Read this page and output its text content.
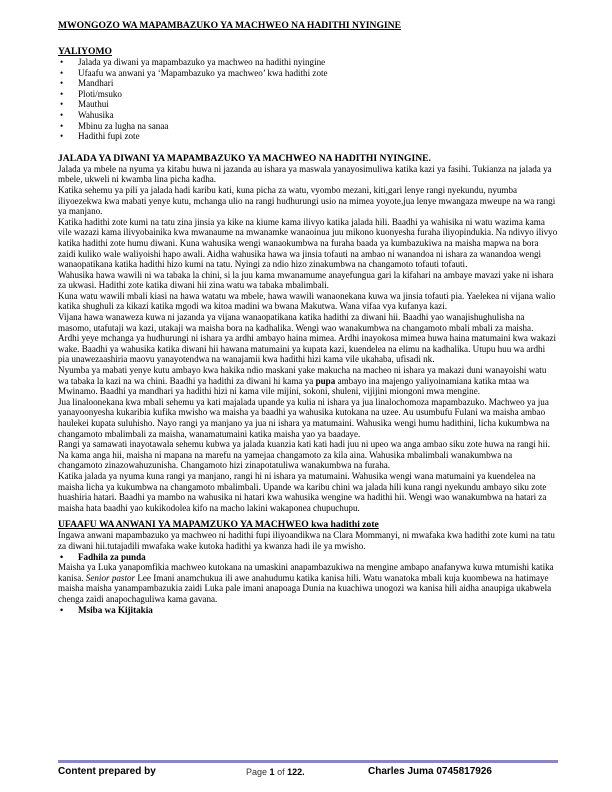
MWONGOZO WA MAPAMBAZUKO YA MACHWEO NA HADITHI NYINGINE
YALIYOMO
• Jalada ya diwani ya mapambazuko ya machweo na hadithi nyingine
• Ufaafu wa anwani ya ‘Mapambazuko ya machweo’ kwa hadithi zote
• Mandhari
• Ploti/msuko
• Mauthui
• Wahusika
• Mbinu za lugha na sanaa
• Hadithi fupi zote
JALADA YA DIWANI YA MAPAMBAZUKO YA MACHWEO NA HADITHI NYINGINE.

Jalada ya mbele na nyuma ya kitabu huwa ni jazanda au ishara ya maswala yanayosimuliwa katika kazi ya fasihi. Tukianza na jalada ya mbele, ukweli ni kwamba lina picha kadha.

Katika sehemu ya pili ya jalada hadi karibu kati, kuna picha za watu, vyombo mezani, kiti,gari lenye rangi nyekundu, nyumba iliyoezekwa kwa mabati yenye kutu, mchanga ulio na rangi hudhurungi usio na mimea yoyote,jua lenye mwangaza mweupe na wa rangi ya manjano.

Katika hadithi zote kumi na tatu zina jinsia ya kike na kiume kama ilivyo katika jalada hili. Baadhi ya wahisika ni watu wazima kama vile wazazi kama ilivyobainika kwa mwanaume na mwanamke wanaoinua juu mikono kuonyesha furaha iliyopindukia. Na ndivyo ilivyo katika hadithi zote humu diwani. Kuna wahusika wengi wanaokumbwa na furaha baada ya kumbazukiwa na maisha mapwa na bora zaidi kuliko wale waliyoishi hapo awali. Aidha wahusika hawa wa jinsia tofauti na ambao ni wanandoa ni ishara za wanandoa wengi wanaopatikana katika hadithi hizo kumi na tatu. Nyingi za ndio hizo zinakumbwa na changamoto tofauti tofauti.

Wahusika hawa wawili ni wa tabaka la chini, si la juu kama mwanamume anayefungua gari la kifahari na ambaye mavazi yake ni ishara za ukwasi. Hadithi zote katika diwani hii zina watu wa tabaka mbalimbali.

Kuna watu wawili mbali kiasi na hawa watatu wa mbele, hawa wawili wanaonekana kuwa wa jinsia tofauti pia. Yaelekea ni vijana walio katika shughuli za kikazi katika mgodi wa kitoa madini wa bwana Makutwa. Wana vifaa vya kufanya kazi.

Vijana hawa wanaweza kuwa ni jazanda ya vijana wanaopatikana katika hadithi za diwani hii. Baadhi yao wanajishughulisha na masomo, utafutaji wa kazi, utakaji wa maisha bora na kadhalika. Wengi wao wanakumbwa na changamoto mbali mbali za maisha.

Ardhi yeye mchanga ya hudhurungi ni ishara ya ardhi ambayo haina mimea. Ardhi inayokosa mimea huwa haina matumaini kwa wakazi wake. Baadhi ya wahusika katika diwani hii hawana matumaini ya kupata kazi, kuendelea na elimu na kadhalika. Utupu huu wa ardhi pia unawezaashiria maovu yanayotendwa na wanajamii kwa hadithi hizi kama vile ukahaba, ufisadi nk.

Nyumba ya mabati yenye kutu ambayo kwa hakika ndio maskani yake makucha na macheo ni ishara ya makazi duni wanayoishi watu wa tabaka la kazi na wa chini. Baadhi ya hadithi za diwani hi kama ya pupa ambayo ina majengo yaliyoinamiana katika mtaa wa Mwinamo. Baadhi ya mandhari ya hadithi hizi ni kama vile mijini, sokoni, shuleni, vijijini miongoni mwa mengine.

Jua linaloonekana kwa mbali sehemu ya kati majalada upande ya kulia ni ishara ya jua linalochomoza mapambazuko. Machweo ya jua yanayoonyesha kukaribia kufika mwisho wa maisha ya baadhi ya wahusika kutokana na uzee. Au usumbufu Fulani wa maisha ambao haulekei kupata suluhisho. Nayo rangi ya manjano ya jua ni ishara ya matumaini. Wahusika wengi humu hadithini, licha kukumbwa na changamoto mbalimbali za maisha, wanamatumaini katika maisha yao ya baadaye.

Rangi ya samawati inayotawala sehemu kubwa ya jalada kuanzia kati kati hadi juu ni upeo wa anga ambao siku zote huwa na rangi hii. Na kama anga hii, maisha ni mapana na marefu na yamejaa changamoto za kila aina. Wahusika mbalimbali wanakumbwa na changamoto zinazowahuzunisha. Changamoto hizi zinapotatuliwa wanakumbwa na furaha.

Katika jalada ya nyuma kuna rangi ya manjano, rangi hi ni ishara ya matumaini. Wahusika wengi wana matumaini ya kuendelea na maisha licha ya kukumbwa na changamoto mbalimbali. Upande wa karibu chini wa jalada hili kuna rangi nyekundu ambayo siku zote huashiria hatari. Baadhi ya mambo na wahusika ni hatari kwa wahusika wengine wa hadithi hii. Wengi wao wanakumbwa na hatari za maisha hata baadhi yao kukikodolea kifo na macho lakini wakaponea chupuchupu.

UFAAFU WA ANWANI YA MAPAMZUKO YA MACHWEO kwa hadithi zote

Ingawa anwani mapambazuko ya machweo ni hadithi fupi iliyoandikwa na Clara Mommanyi, ni mwafaka kwa hadithi zote kumi na tatu za diwani hii.tutajadili mwafaka wake kutoka hadithi ya kwanza hadi ile ya mwisho.

• Fadhila za punda

Maisha ya Luka yanapomfikia machweo kutokana na umaskini anapambazukiwa na mengine ambapo anafanywa kuwa mtumishi katika kanisa. Senior pastor Lee Imani anamchukua ili awe anahudumu katika kanisa hili. Watu wanatoka mbali kuja kuombewa na hatimaye maisha maisha yanampambazukia zaidi Luka pale imani anapoaga Dunia na kuachiwa unogozi wa kanisa hili aidha anaupiga ukabwela chenga zaidi anapochaguliwa kama gavana.

• Msiba wa Kijitakia
Content prepared by	Page 1 of 122.	Charles Juma 0745817926
